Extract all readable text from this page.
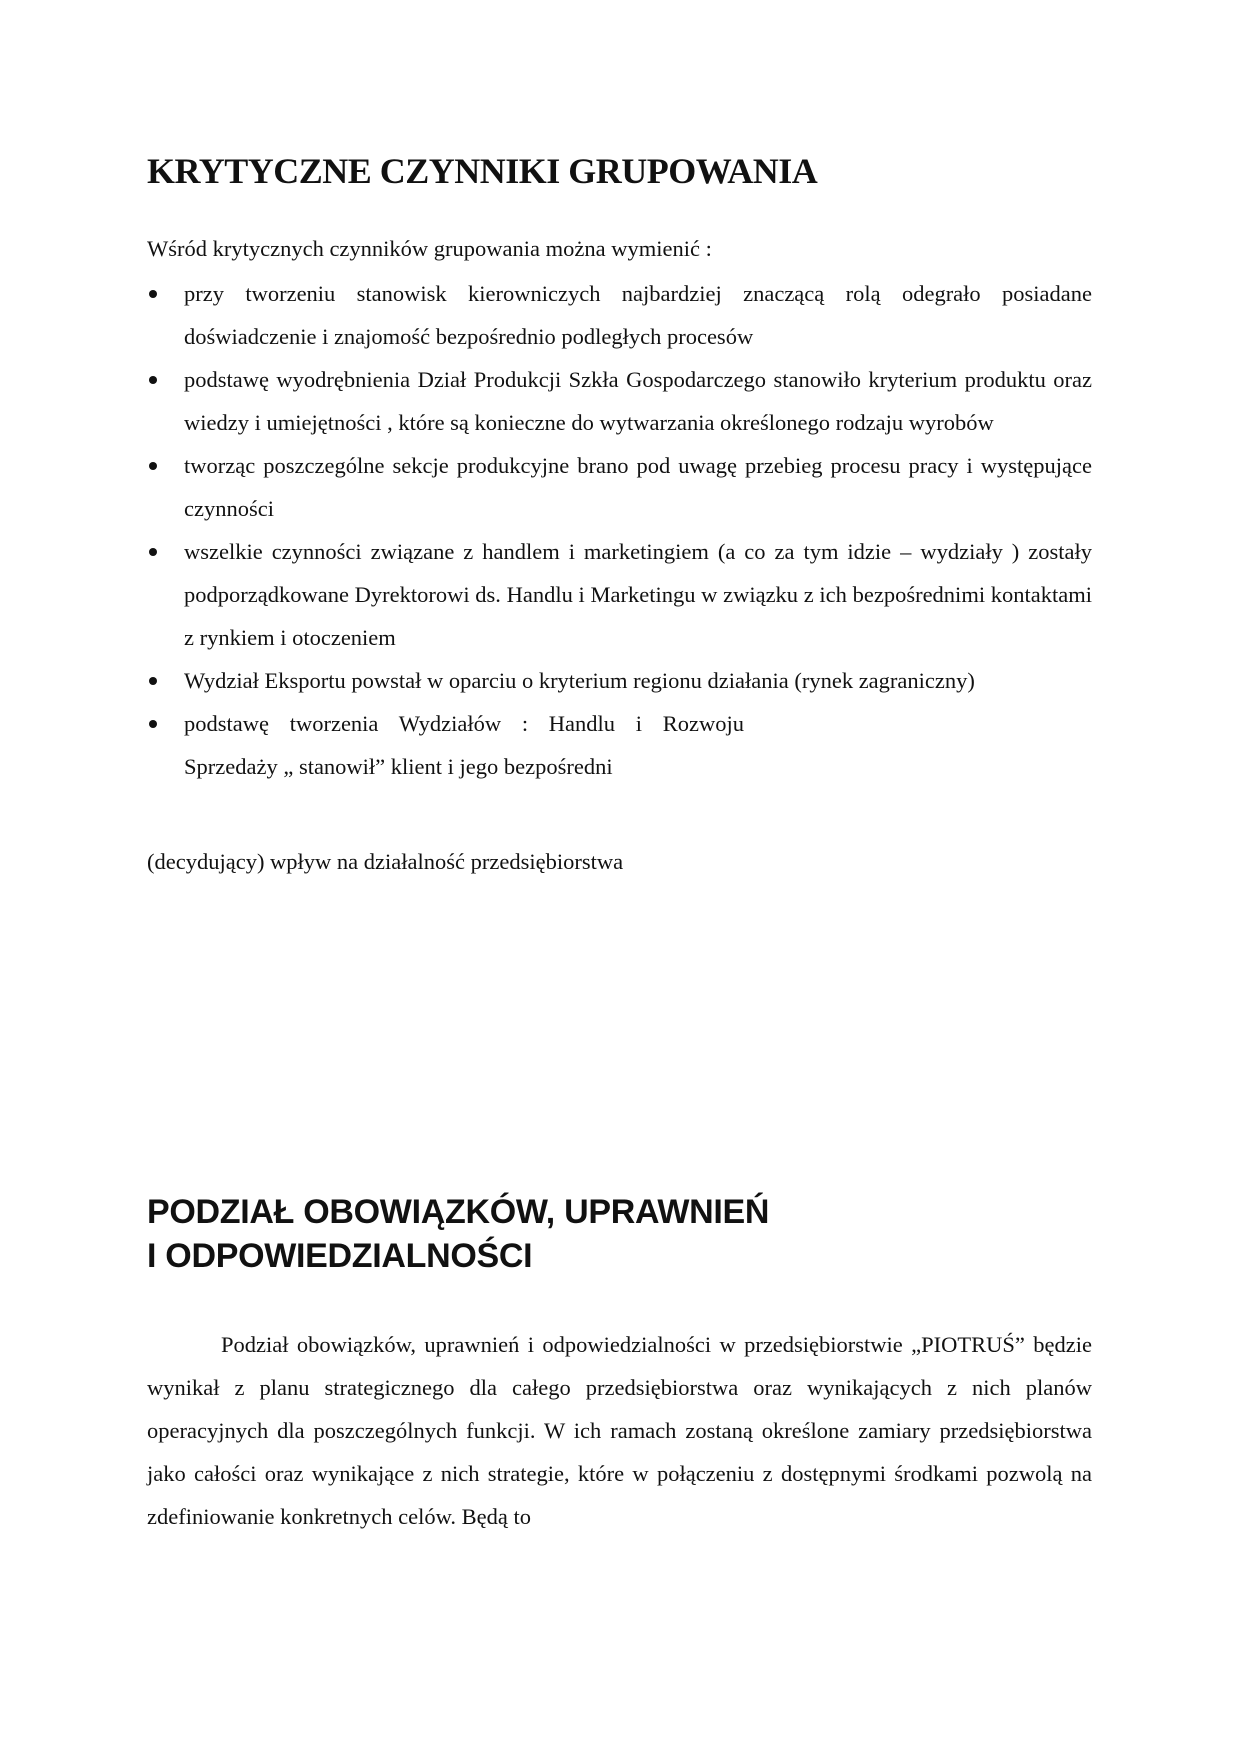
KRYTYCZNE CZYNNIKI GRUPOWANIA
Wśród krytycznych czynników grupowania można wymienić :
przy tworzeniu stanowisk kierowniczych najbardziej znaczącą rolą odegrało posiadane doświadczenie i znajomość bezpośrednio podległych procesów
podstawę wyodrębnienia Dział Produkcji Szkła Gospodarczego stanowiło kryterium produktu oraz wiedzy i umiejętności , które są konieczne do wytwarzania określonego rodzaju wyrobów
tworząc poszczególne sekcje produkcyjne brano pod uwagę przebieg procesu pracy i występujące czynności
wszelkie czynności związane z handlem i marketingiem (a co za tym idzie – wydziały ) zostały podporządkowane Dyrektorowi ds. Handlu i Marketingu w związku z ich bezpośrednimi kontaktami z rynkiem i otoczeniem
Wydział Eksportu powstał w oparciu o kryterium regionu działania (rynek zagraniczny)
podstawę tworzenia Wydziałów : Handlu i Rozwoju Sprzedaży „ stanowił” klient i jego bezpośredni
(decydujący) wpływ na działalność przedsiębiorstwa
PODZIAŁ OBOWIĄZKÓW, UPRAWNIEŃ
I ODPOWIEDZIALNOŚCI

Podział obowiązków, uprawnień i odpowiedzialności w przedsiębiorstwie „PIOTRUŚ” będzie wynikał z planu strategicznego dla całego przedsiębiorstwa oraz wynikających z nich planów operacyjnych dla poszczególnych funkcji. W ich ramach zostaną określone zamiary przedsiębiorstwa jako całości oraz wynikające z nich strategie, które w połączeniu z dostępnymi środkami pozwolą na zdefiniowanie konkretnych celów. Będą to
